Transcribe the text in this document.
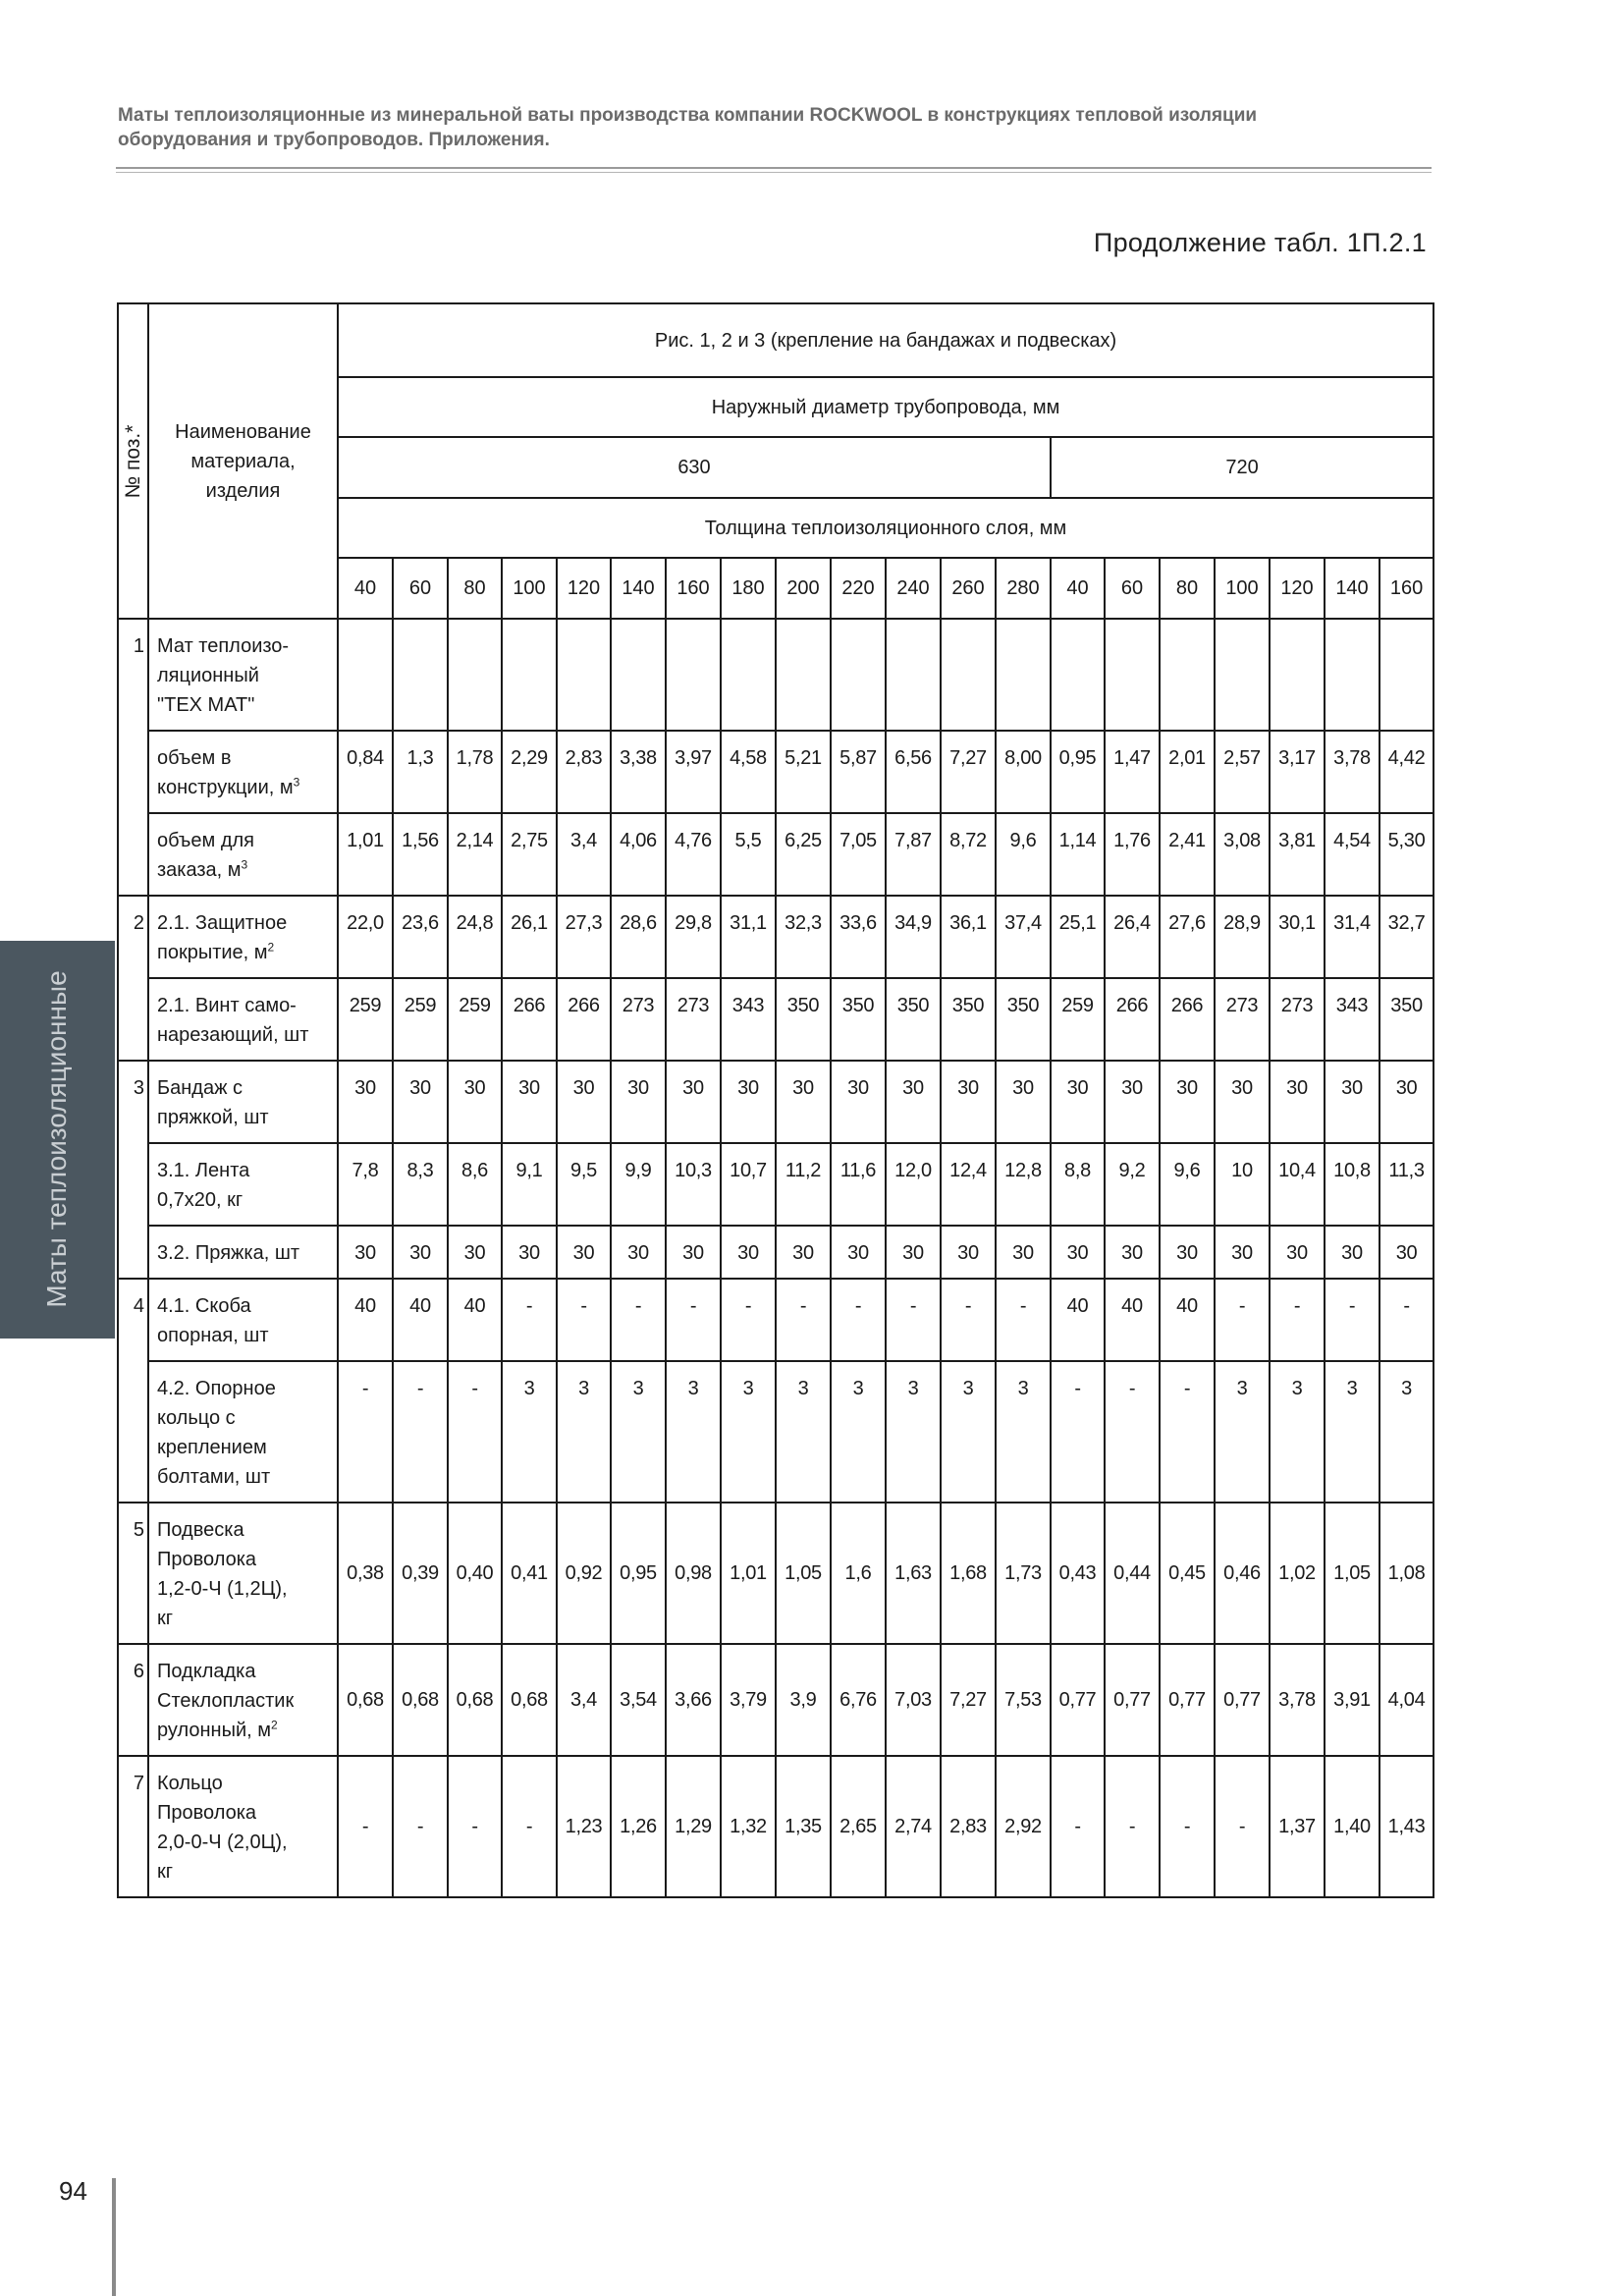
Маты теплоизоляционные из минеральной ваты производства компании ROCKWOOL в конструкциях тепловой изоляции
оборудования и трубопроводов. Приложения.
Продолжение табл. 1П.2.1
Маты теплоизоляционные
№ поз.*	Наименование
материала,
изделия	Рис. 1, 2 и 3 (крепление на бандажах и подвесках)																			
		Наружный диаметр трубопровода, мм																			
		630													720						
		Толщина теплоизоляционного слоя, мм																			
		40	60	80	100	120	140	160	180	200	220	240	260	280	40	60	80	100	120	140	160
1	Мат теплоизо-
ляционный
"ТЕХ МАТ"																				

	объем в
конструкции, $м^3$	0,84	1,3	1,78	2,29	2,83	3,38	3,97	4,58	5,21	5,87	6,56	7,27	8,00	0,95	1,47	2,01	2,57	3,17	3,78	4,42

	объем для
заказа, $м^3$	1,01	1,56	2,14	2,75	3,4	4,06	4,76	5,5	6,25	7,05	7,87	8,72	9,6	1,14	1,76	2,41	3,08	3,81	4,54	5,30
2	2.1. Защитное
покрытие, $м^2$	22,0	23,6	24,8	26,1	27,3	28,6	29,8	31,1	32,3	33,6	34,9	36,1	37,4	25,1	26,4	27,6	28,9	30,1	31,4	32,7

	2.1. Винт само-
нарезающий, шт	259	259	259	266	266	273	273	343	350	350	350	350	350	259	266	266	273	273	343	350
3	Бандаж с
пряжкой, шт	30	30	30	30	30	30	30	30	30	30	30	30	30	30	30	30	30	30	30	30

	3.1. Лента
0,7х20, кг	7,8	8,3	8,6	9,1	9,5	9,9	10,3	10,7	11,2	11,6	12,0	12,4	12,8	8,8	9,2	9,6	10	10,4	10,8	11,3

	3.2. Пряжка, шт	30	30	30	30	30	30	30	30	30	30	30	30	30	30	30	30	30	30	30	30
4	4.1. Скоба
опорная, шт	40	40	40	-	-	-	-	-	-	-	-	-	-	40	40	40	-	-	-	-

	4.2. Опорное
кольцо с
креплением
болтами, шт	-	-	-	3	3	3	3	3	3	3	3	3	3	-	-	-	3	3	3	3
5	Подвеска
Проволока
1,2-0-Ч (1,2Ц),
кг	0,38	0,39	0,40	0,41	0,92	0,95	0,98	1,01	1,05	1,6	1,63	1,68	1,73	0,43	0,44	0,45	0,46	1,02	1,05	1,08
6	Подкладка
Стеклопластик
рулонный, $м^2$	0,68	0,68	0,68	0,68	3,4	3,54	3,66	3,79	3,9	6,76	7,03	7,27	7,53	0,77	0,77	0,77	0,77	3,78	3,91	4,04
7	Кольцо
Проволока
2,0-0-Ч (2,0Ц),
кг	-	-	-	-	1,23	1,26	1,29	1,32	1,35	2,65	2,74	2,83	2,92	-	-	-	-	1,37	1,40	1,43
94
